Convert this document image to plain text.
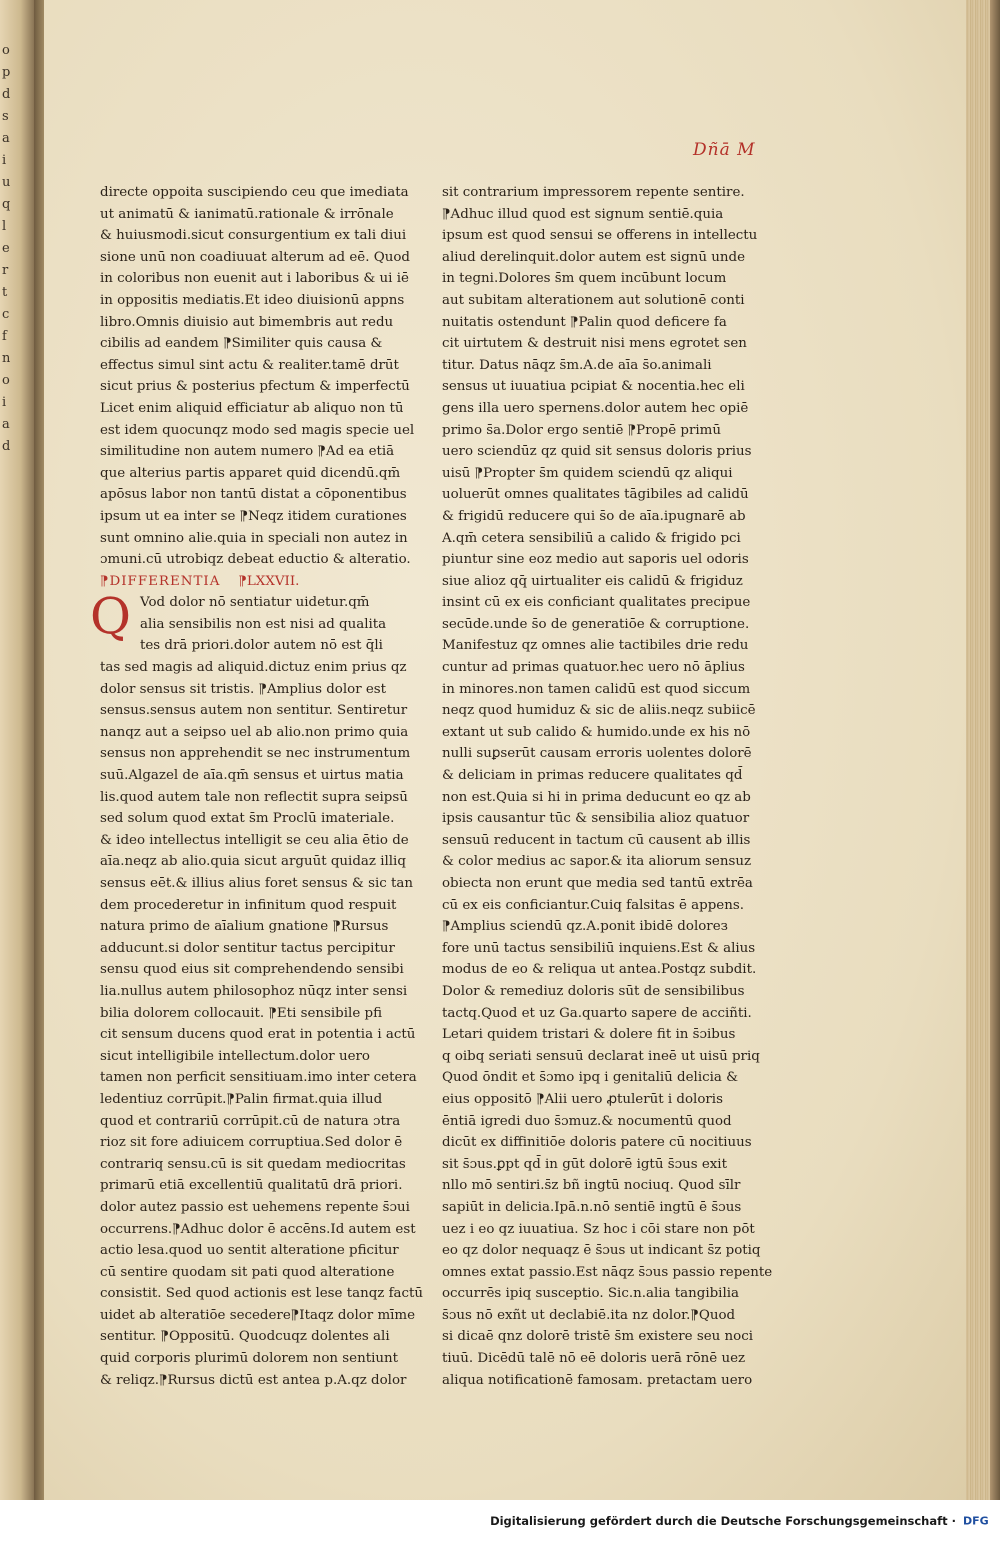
o
p
d
s
a
i
u
q
l
e
r
t
c
f
n
o
i
a
d
Dñā M

directe oppoita suscipiendo ceu que imediata

ut animatū & ianimatū.rationale & irrōnale

& huiusmodi.sicut consurgentium ex tali diui

sione unū non coadiuuat alterum ad eē. Quod

in coloribus non euenit aut i laboribus & ui iē

in oppositis mediatis.Et ideo diuisionū appns

libro.Omnis diuisio aut bimembris aut redu

cibilis ad eandem ⁋Similiter quis causa &

effectus simul sint actu & realiter.tamē drūt

sicut prius & posterius pfectum & imperfectū

Licet enim aliquid efficiatur ab aliquo non tū

est idem quocunqz modo sed magis specie uel

similitudine non autem numero ⁋Ad ea etiā

que alterius partis apparet quid dicendū.qm̄

apōsus labor non tantū distat a cōponentibus

ipsum ut ea inter se ⁋Neqz itidem curationes

sunt omnino alie.quia in speciali non autez in

ɔmuni.cū utrobiqz debeat eductio & alteratio.

⁋DIFFERENTIA ⁋LXXVII.

Q Vod dolor nō sentiatur uidetur.qm̄

alia sensibilis non est nisi ad qualita

tes drā priori.dolor autem nō est q̄li

tas sed magis ad aliquid.dictuz enim prius qz

dolor sensus sit tristis. ⁋Amplius dolor est

sensus.sensus autem non sentitur. Sentiretur

nanqz aut a seipso uel ab alio.non primo quia

sensus non apprehendit se nec instrumentum

suū.Algazel de aīa.qm̄ sensus et uirtus matia

lis.quod autem tale non reflectit supra seipsū

sed solum quod extat s̄m Proclū imateriale.

& ideo intellectus intelligit se ceu alia ētio de

aīa.neqz ab alio.quia sicut arguūt quidaz illiq

sensus eēt.& illius alius foret sensus & sic tan

dem procederetur in infinitum quod respuit

natura primo de aīalium gnatione ⁋Rursus

adducunt.si dolor sentitur tactus percipitur

sensu quod eius sit comprehendendo sensibi

lia.nullus autem philosophoz nūqz inter sensi

bilia dolorem collocauit. ⁋Eti sensibile pfi

cit sensum ducens quod erat in potentia i actū

sicut intelligibile intellectum.dolor uero

tamen non perficit sensitiuam.imo inter cetera

ledentiuz corrūpit.⁋Palin firmat.quia illud

quod et contrariū corrūpit.cū de natura ɔtra

rioz sit fore adiuicem corruptiua.Sed dolor ē

contrariq sensu.cū is sit quedam mediocritas

primarū etiā excellentiū qualitatū drā priori.

dolor autez passio est uehemens repente s̄ɔui

occurrens.⁋Adhuc dolor ē accēns.Id autem est

actio lesa.quod uo sentit alteratione pficitur

cū sentire quodam sit pati quod alteratione

consistit. Sed quod actionis est lese tanqz factū

uidet ab alteratiōe secedere⁋Itaqz dolor mīme

sentitur. ⁋Oppositū. Quodcuqz dolentes ali

quid corporis plurimū dolorem non sentiunt

& reliqz.⁋Rursus dictū est antea p.A.qz dolor

sit contrarium impressorem repente sentire.

⁋Adhuc illud quod est signum sentiē.quia

ipsum est quod sensui se offerens in intellectu

aliud derelinquit.dolor autem est signū unde

in tegni.Dolores s̄m quem incūbunt locum

aut subitam alterationem aut solutionē conti

nuitatis ostendunt ⁋Palin quod deficere fa

cit uirtutem & destruit nisi mens egrotet sen

titur. Datus nāqz s̄m.A.de aīa s̄o.animali

sensus ut iuuatiua pcipiat & nocentia.hec eli

gens illa uero spernens.dolor autem hec opiē

primo s̄a.Dolor ergo sentiē ⁋Propē primū

uero sciendūz qz quid sit sensus doloris prius

uisū ⁋Propter s̄m quidem sciendū qz aliqui

uoluerūt omnes qualitates tāgibiles ad calidū

& frigidū reducere qui s̄o de aīa.ipugnarē ab

A.qm̄ cetera sensibiliū a calido & frigido pci

piuntur sine eoz medio aut saporis uel odoris

siue alioz qq̄ uirtualiter eis calidū & frigiduz

insint cū ex eis conficiant qualitates precipue

secūde.unde s̄o de generatiōe & corruptione.

Manifestuz qz omnes alie tactibiles drie redu

cuntur ad primas quatuor.hec uero nō āplius

in minores.non tamen calidū est quod siccum

neqz quod humiduz & sic de aliis.neqz subiicē

extant ut sub calido & humido.unde ex his nō

nulli suꝑserūt causam erroris uolentes dolorē

& deliciam in primas reducere qualitates qd̄

non est.Quia si hi in prima deducunt eo qz ab

ipsis causantur tūc & sensibilia alioz quatuor

sensuū reducent in tactum cū causent ab illis

& color medius ac sapor.& ita aliorum sensuz

obiecta non erunt que media sed tantū extrēa

cū ex eis conficiantur.Cuiq falsitas ē appens.

⁋Amplius sciendū qz.A.ponit ibidē doloreз

fore unū tactus sensibiliū inquiens.Est & alius

modus de eo & reliqua ut antea.Postqz subdit.

Dolor & remediuz doloris sūt de sensibilibus

tactq.Quod et uz Ga.quarto sapere de acciñti.

Letari quidem tristari & dolere fit in s̄ɔibus

q oibq seriati sensuū declarat ineē ut uisū priq

Quod ōndit et s̄ɔmo ipq i genitaliū delicia &

eius oppositō ⁋Alii uero ꝓtulerūt i doloris

ēntiā igredi duo s̄ɔmuz.& nocumentū quod

dicūt ex diffinitiōe doloris patere cū nocitiuus

sit s̄ɔus.ꝑpt qd̄ in gūt dolorē igtū s̄ɔus exit

nllo mō sentiri.s̄z bñ ingtū nociuq. Quod sīlr

sapiūt in delicia.Ipā.n.nō sentiē ingtū ē s̄ɔus

uez i eo qz iuuatiua. Sz hoc i cōi stare non pōt

eo qz dolor nequaqz ē s̄ɔus ut indicant s̄z potiq

omnes extat passio.Est nāqz s̄ɔus passio repente

occurrēs ipiq susceptio. Sic.n.alia tangibilia

s̄ɔus nō exñt ut declabiē.ita nz dolor.⁋Quod

si dicaē qnz dolorē tristē s̄m existere seu noci

tiuū. Dicēdū talē nō eē doloris uerā rōnē uez

aliqua notificationē famosam. pretactam uero

Digitalisierung gefördert durch die Deutsche Forschungsgemeinschaft · DFG
